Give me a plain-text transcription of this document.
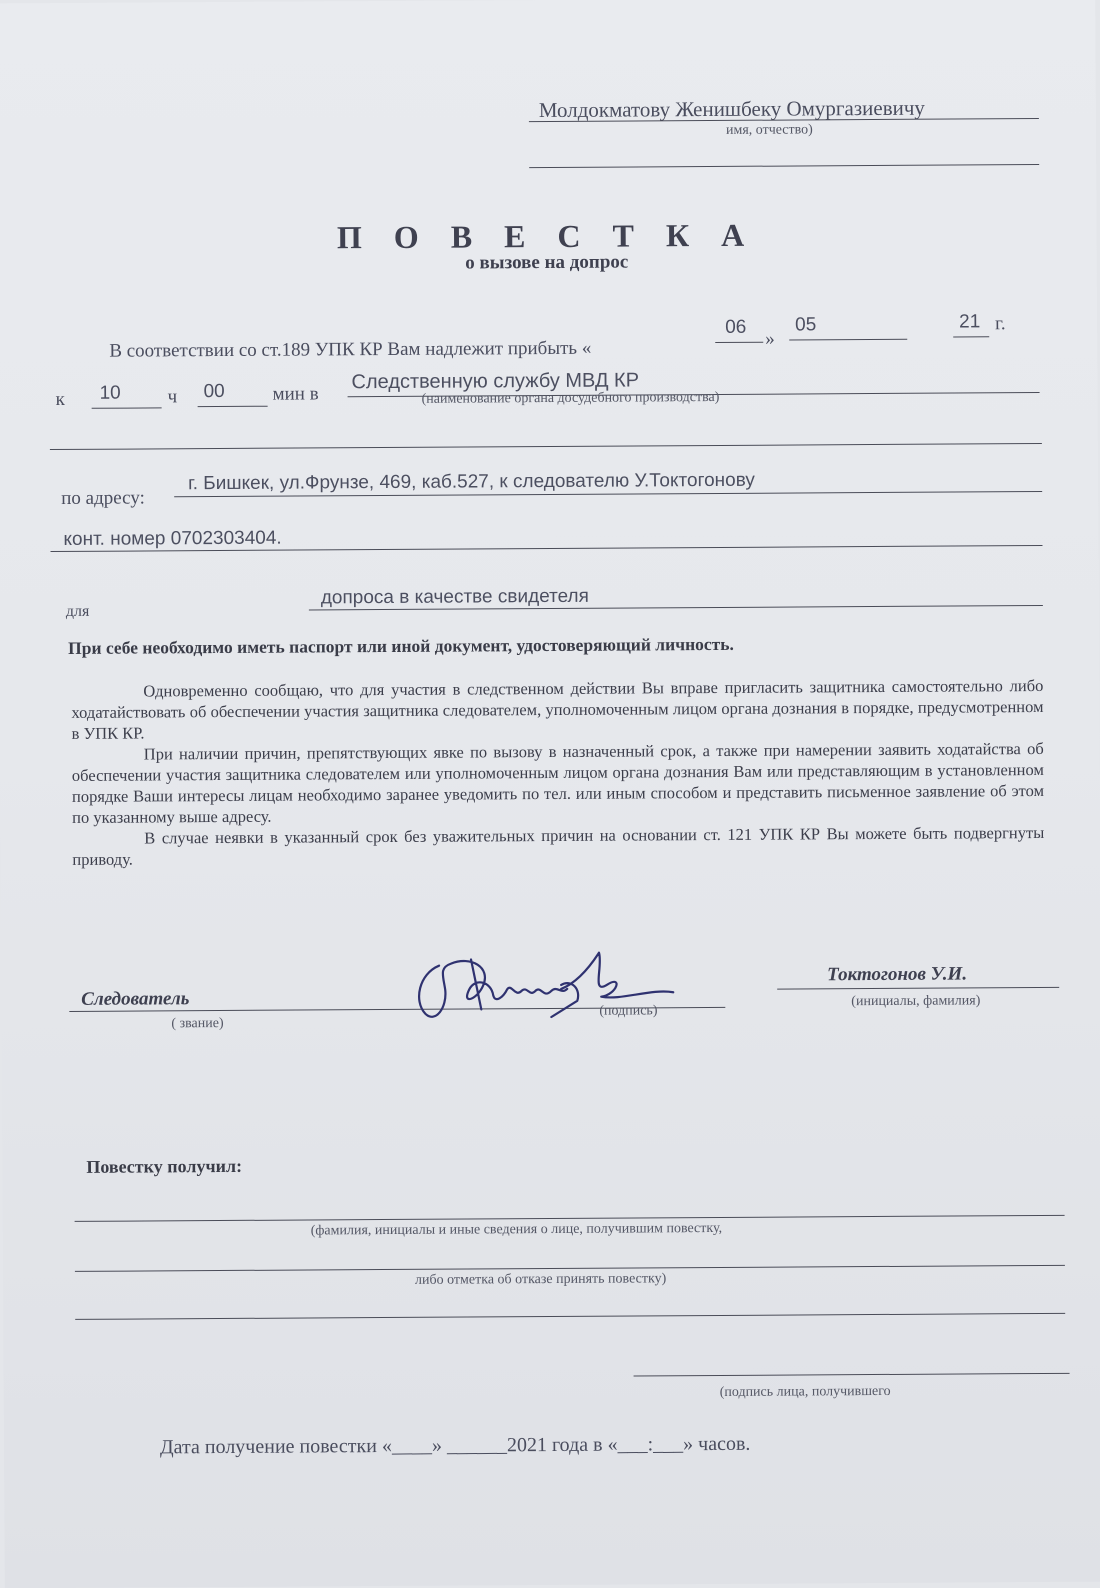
Молдокматову Женишбеку Омургазиевичу
имя, отчество)
П О В Е С Т К А
о вызове на допрос
В соответствии со ст.189 УПК КР Вам надлежит прибыть «
06
»
05	21 г.
к 10 ч 00	мин в
Следственную службу МВД КР
(наименование органа досудебного производства)
по адресу:
г. Бишкек, ул.Фрунзе, 469, каб.527, к следователю У.Токтогонову
конт. номер 0702303404.
для
допроса в качестве свидетеля
При себе необходимо иметь паспорт или иной документ, удостоверяющий личность.

Одновременно сообщаю, что для участия в следственном действии Вы вправе пригласить защитника самостоятельно либо ходатайствовать об обеспечении участия защитника следователем, уполномоченным лицом органа дознания в порядке, предусмотренном в УПК КР.

При наличии причин, препятствующих явке по вызову в назначенный срок, а также при намерении заявить ходатайства об обеспечении участия защитника следователем или уполномоченным лицом органа дознания Вам или представляющим в установленном порядке Ваши интересы лицам необходимо заранее уведомить по тел. или иным способом и представить письменное заявление об этом по указанному выше адресу.

В случае неявки в указанный срок без уважительных причин на основании ст. 121 УПК КР Вы можете быть подвергнуты приводу.

Следователь
( звание)
(подпись)
Токтогонов У.И.
(инициалы, фамилия)
Повестку получил:
(фамилия, инициалы и иные сведения о лице, получившим повестку,
либо отметка об отказе принять повестку)
(подпись лица, получившего
Дата получение повестки «____» ______2021 года в «___:___» часов.
